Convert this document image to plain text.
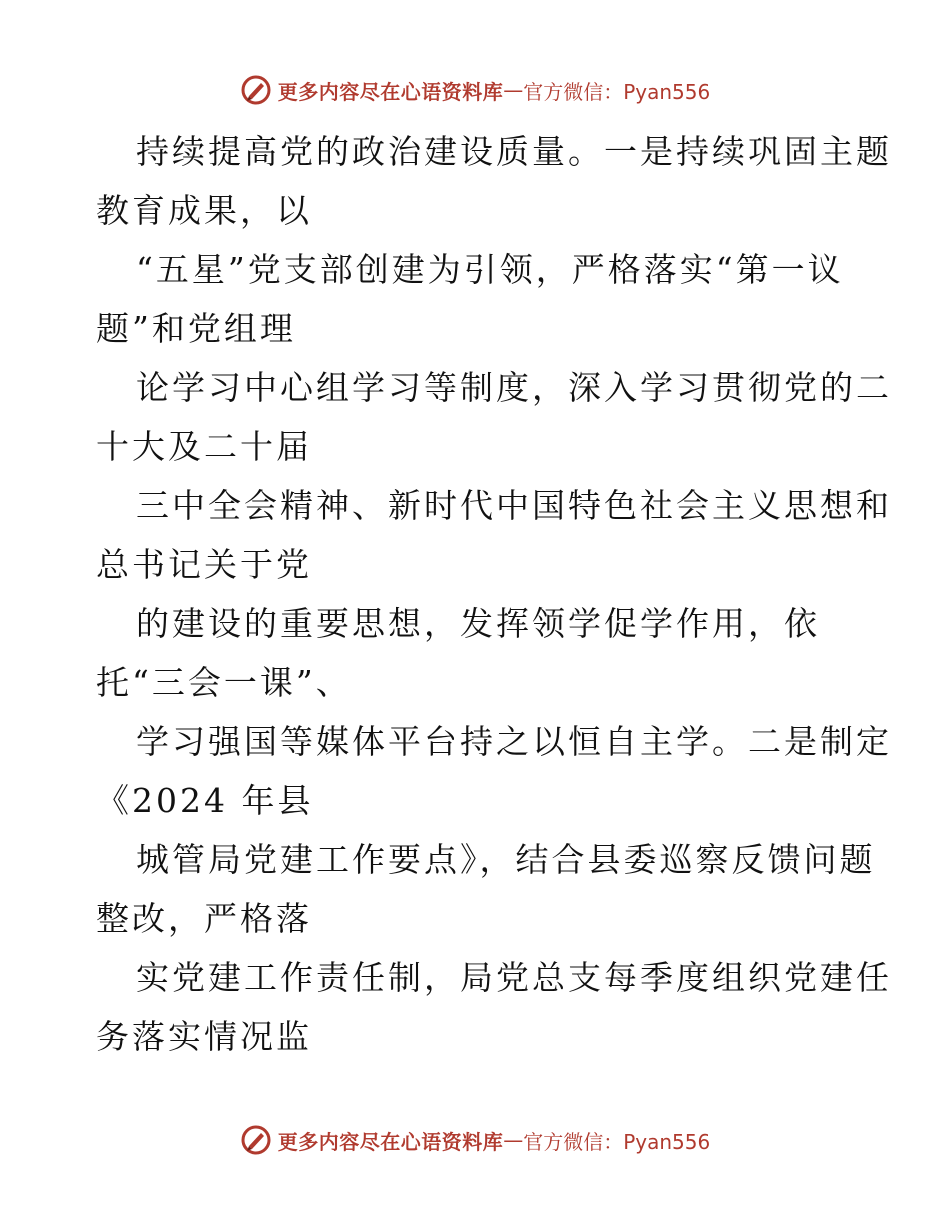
更多内容尽在心语资料库 — 官方微信：Pyan556

持续提高党的政治建设质量。一是持续巩固主题

教育成果，以

“五星”党支部创建为引领，严格落实“第一议

题”和党组理

论学习中心组学习等制度，深入学习贯彻党的二

十大及二十届

三中全会精神、新时代中国特色社会主义思想和

总书记关于党

的建设的重要思想，发挥领学促学作用，依

托“三会一课”、

学习强国等媒体平台持之以恒自主学。二是制定

《2024 年县

城管局党建工作要点》，结合县委巡察反馈问题

整改，严格落

实党建工作责任制，局党总支每季度组织党建任

务落实情况监

更多内容尽在心语资料库 — 官方微信：Pyan556
